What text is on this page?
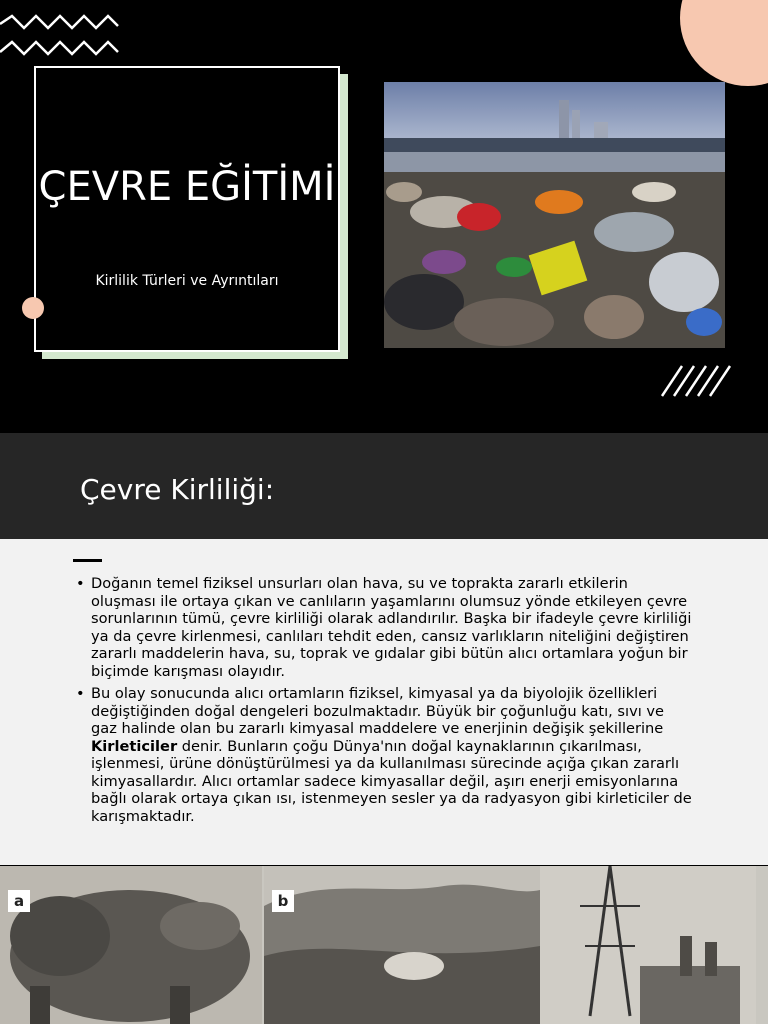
ÇEVRE EĞİTİMİ
Kirlilik Türleri ve Ayrıntıları
Çevre Kirliliği:
• Doğanın temel fiziksel unsurları olan hava, su ve toprakta zararlı etkilerin oluşması ile ortaya çıkan ve canlıların yaşamlarını olumsuz yönde etkileyen çevre sorunlarının tümü, çevre kirliliği olarak adlandırılır. Başka bir ifadeyle çevre kirliliği ya da çevre kirlenmesi, canlıları tehdit eden, cansız varlıkların niteliğini değiştiren zararlı maddelerin hava, su, toprak ve gıdalar gibi bütün alıcı ortamlara yoğun bir biçimde karışması olayıdır.
• Bu olay sonucunda alıcı ortamların fiziksel, kimyasal ya da biyolojik özellikleri değiştiğinden doğal dengeleri bozulmaktadır. Büyük bir çoğunluğu katı, sıvı ve gaz halinde olan bu zararlı kimyasal maddelere ve enerjinin değişik şekillerine Kirleticiler denir. Bunların çoğu Dünya'nın doğal kaynaklarının çıkarılması, işlenmesi, ürüne dönüştürülmesi ya da kullanılması sürecinde açığa çıkan zararlı kimyasallardır. Alıcı ortamlar sadece kimyasallar değil, aşırı enerji emisyonlarına bağlı olarak ortaya çıkan ısı, istenmeyen sesler ya da radyasyon gibi kirleticiler de karışmaktadır.
a	b
